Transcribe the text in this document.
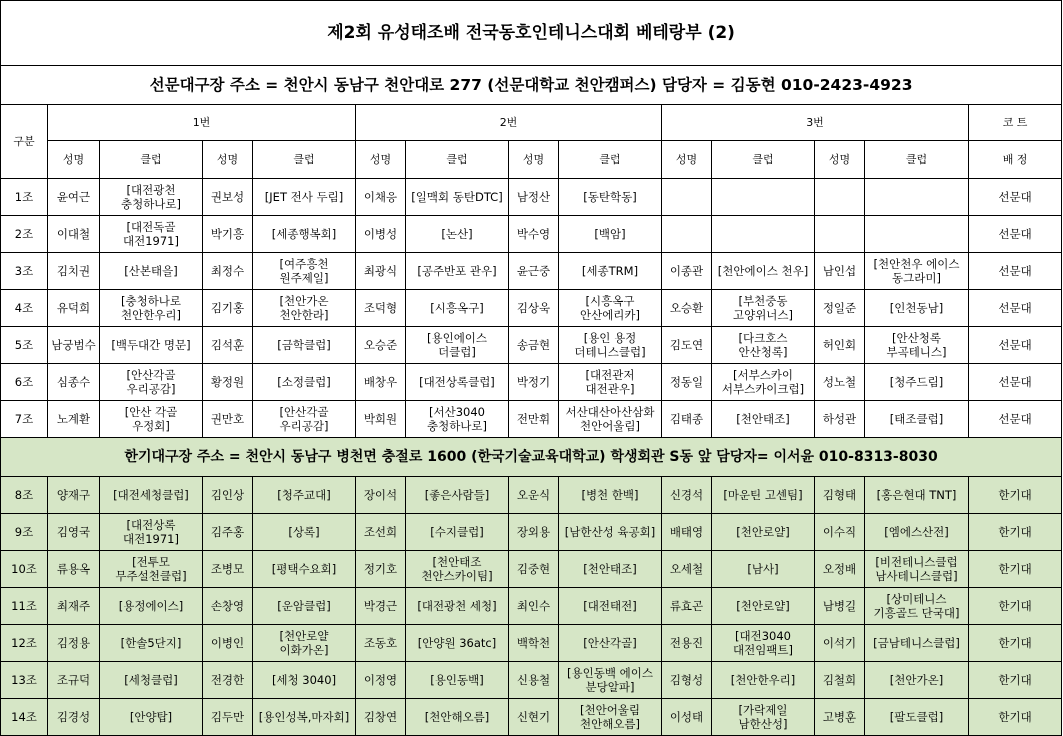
제2회 유성태조배 전국동호인테니스대회 베테랑부 (2)													
선문대구장 주소 = 천안시 동남구 천안대로 277 (선문대학교 천안캠퍼스) 담당자 = 김동현 010-2423-4923													
구분	1번				2번				3번				코 트
	성명	클럽	성명	클럽	성명	클럽	성명	클럽	성명	클럽	성명	클럽	배 정
1조	윤여근	[대전광천
충청하나로]	권보성	[JET 전사 두림]	이채응	[일맥회 동탄DTC]	남정산	[동탄학동]					선문대
2조	이대철	[대전독골
대전1971]	박기흥	[세종행복회]	이병성	[논산]	박수영	[백암]					선문대
3조	김치권	[산본태을]	최정수	[여주흥천
원주제일]	최광식	[공주반포 관우]	윤근중	[세종TRM]	이종관	[천안에이스 천우]	남인섭	[천안천우 에이스
동그라미]	선문대
4조	유덕희	[충청하나로
천안한우리]	김기홍	[천안가온
천안한라]	조덕형	[시흥옥구]	김상욱	[시흥옥구
안산에리카]	오승환	[부천중동
고양위너스]	정일준	[인천동남]	선문대
5조	남궁범수	[백두대간 명문]	김석훈	[금학클럽]	오승준	[용인에이스
더클럽]	송금현	[용인 용정
더테니스클럽]	김도연	[다크호스
안산청록]	허인회	[안산청록
부곡테니스]	선문대
6조	심종수	[안산각골
우리공감]	황정원	[소정클럽]	배창우	[대전상록클럽]	박정기	[대전관저
대전관우]	정동일	[서부스카이
서부스카이크럽]	성노철	[청주드림]	선문대
7조	노계환	[안산 각골
우정회]	권만호	[안산각골
우리공감]	박희원	[서산3040
충청하나로]	전만휘	서산대산아산삼화
천안어울림]	김태종	[천안태조]	하성관	[태조클럽]	선문대
한기대구장 주소 = 천안시 동남구 병천면 충절로 1600 (한국기술교육대학교) 학생회관 S동 앞 담당자= 이서윤 010-8313-8030													
8조	양재구	[대전세청클럽]	김인상	[청주교대]	장이석	[좋은사람들]	오운식	[병천 한백]	신경석	[마운틴 고센팀]	김형태	[홍은현대 TNT]	한기대
9조	김영국	[대전상록
대전1971]	김주홍	[상록]	조선희	[수지클럽]	장외용	[남한산성 육공회]	배태영	[천안로얄]	이수직	[엠에스산전]	한기대
10조	류용옥	[전투모
무주설천클럽]	조병모	[평택수요회]	정기호	[천안태조
천안스카이팀]	김중현	[천안태조]	오세철	[남사]	오정배	[비전테니스클럽
남사테니스클럽]	한기대
11조	최재주	[용정에이스]	손창영	[운암클럽]	박경근	[대전광천 세청]	최인수	[대전태전]	류효곤	[천안로얄]	남병길	[상미테니스
기흥골드 단국대]	한기대
12조	김정용	[한솔5단지]	이병인	[천안로얄
이화가온]	조동호	[안양원 36atc]	백학천	[안산각골]	전용진	[대전3040
대전임팩트]	이석기	[금남테니스클럽]	한기대
13조	조규덕	[세청클럽]	전경한	[세청 3040]	이정영	[용인동백]	신용철	[용인동백 에이스
분당알파]	김형성	[천안한우리]	김철희	[천안가온]	한기대
14조	김경성	[안양탑]	김두만	[용인성복,마자회]	김창연	[천안해오름]	신현기	[천안어울림
천안해오름]	이성태	[가락제일
남한산성]	고병훈	[팔도클럽]	한기대
